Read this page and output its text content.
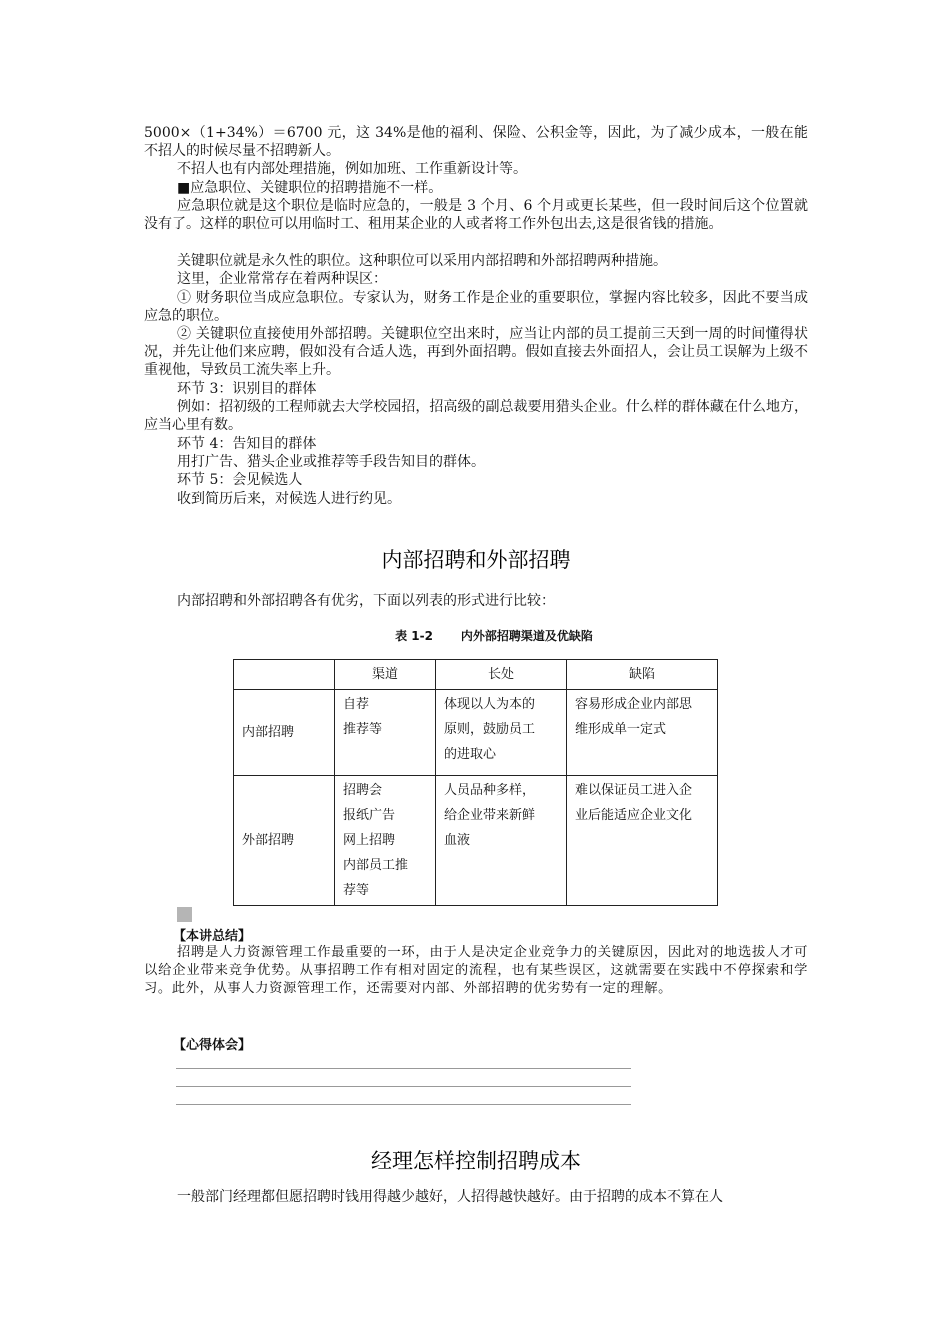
5000×（1+34%）＝6700 元，这 34%是他的福利、保险、公积金等，因此，为了减少成本，一般在能不招人的时候尽量不招聘新人。

不招人也有内部处理措施，例如加班、工作重新设计等。

■应急职位、关键职位的招聘措施不一样。

应急职位就是这个职位是临时应急的，一般是 3 个月、6 个月或更长某些，但一段时间后这个位置就没有了。这样的职位可以用临时工、租用某企业的人或者将工作外包出去,这是很省钱的措施。

关键职位就是永久性的职位。这种职位可以采用内部招聘和外部招聘两种措施。

这里，企业常常存在着两种误区：

① 财务职位当成应急职位。专家认为，财务工作是企业的重要职位，掌握内容比较多，因此不要当成应急的职位。

② 关键职位直接使用外部招聘。关键职位空出来时，应当让内部的员工提前三天到一周的时间懂得状况，并先让他们来应聘，假如没有合适人选，再到外面招聘。假如直接去外面招人，会让员工误解为上级不重视他，导致员工流失率上升。

环节 3：识别目的群体

例如：招初级的工程师就去大学校园招，招高级的副总裁要用猎头企业。什么样的群体藏在什么地方，应当心里有数。

环节 4：告知目的群体

用打广告、猎头企业或推荐等手段告知目的群体。

环节 5：会见候选人

收到简历后来，对候选人进行约见。

内部招聘和外部招聘

内部招聘和外部招聘各有优劣，下面以列表的形式进行比较：

表 1-2 内外部招聘渠道及优缺陷

	渠道	长处	缺陷
内部招聘	自荐
推荐等	体现以人为本的
原则，鼓励员工
的进取心	容易形成企业内部思
维形成单一定式
外部招聘	招聘会
报纸广告
网上招聘
内部员工推
荐等	人员品种多样，
给企业带来新鲜
血液	难以保证员工进入企
业后能适应企业文化

【本讲总结】

招聘是人力资源管理工作最重要的一环，由于人是决定企业竞争力的关键原因，因此对的地选拔人才可以给企业带来竞争优势。从事招聘工作有相对固定的流程，也有某些误区，这就需要在实践中不停探索和学习。此外，从事人力资源管理工作，还需要对内部、外部招聘的优劣势有一定的理解。

【心得体会】

经理怎样控制招聘成本

一般部门经理都但愿招聘时钱用得越少越好，人招得越快越好。由于招聘的成本不算在人
